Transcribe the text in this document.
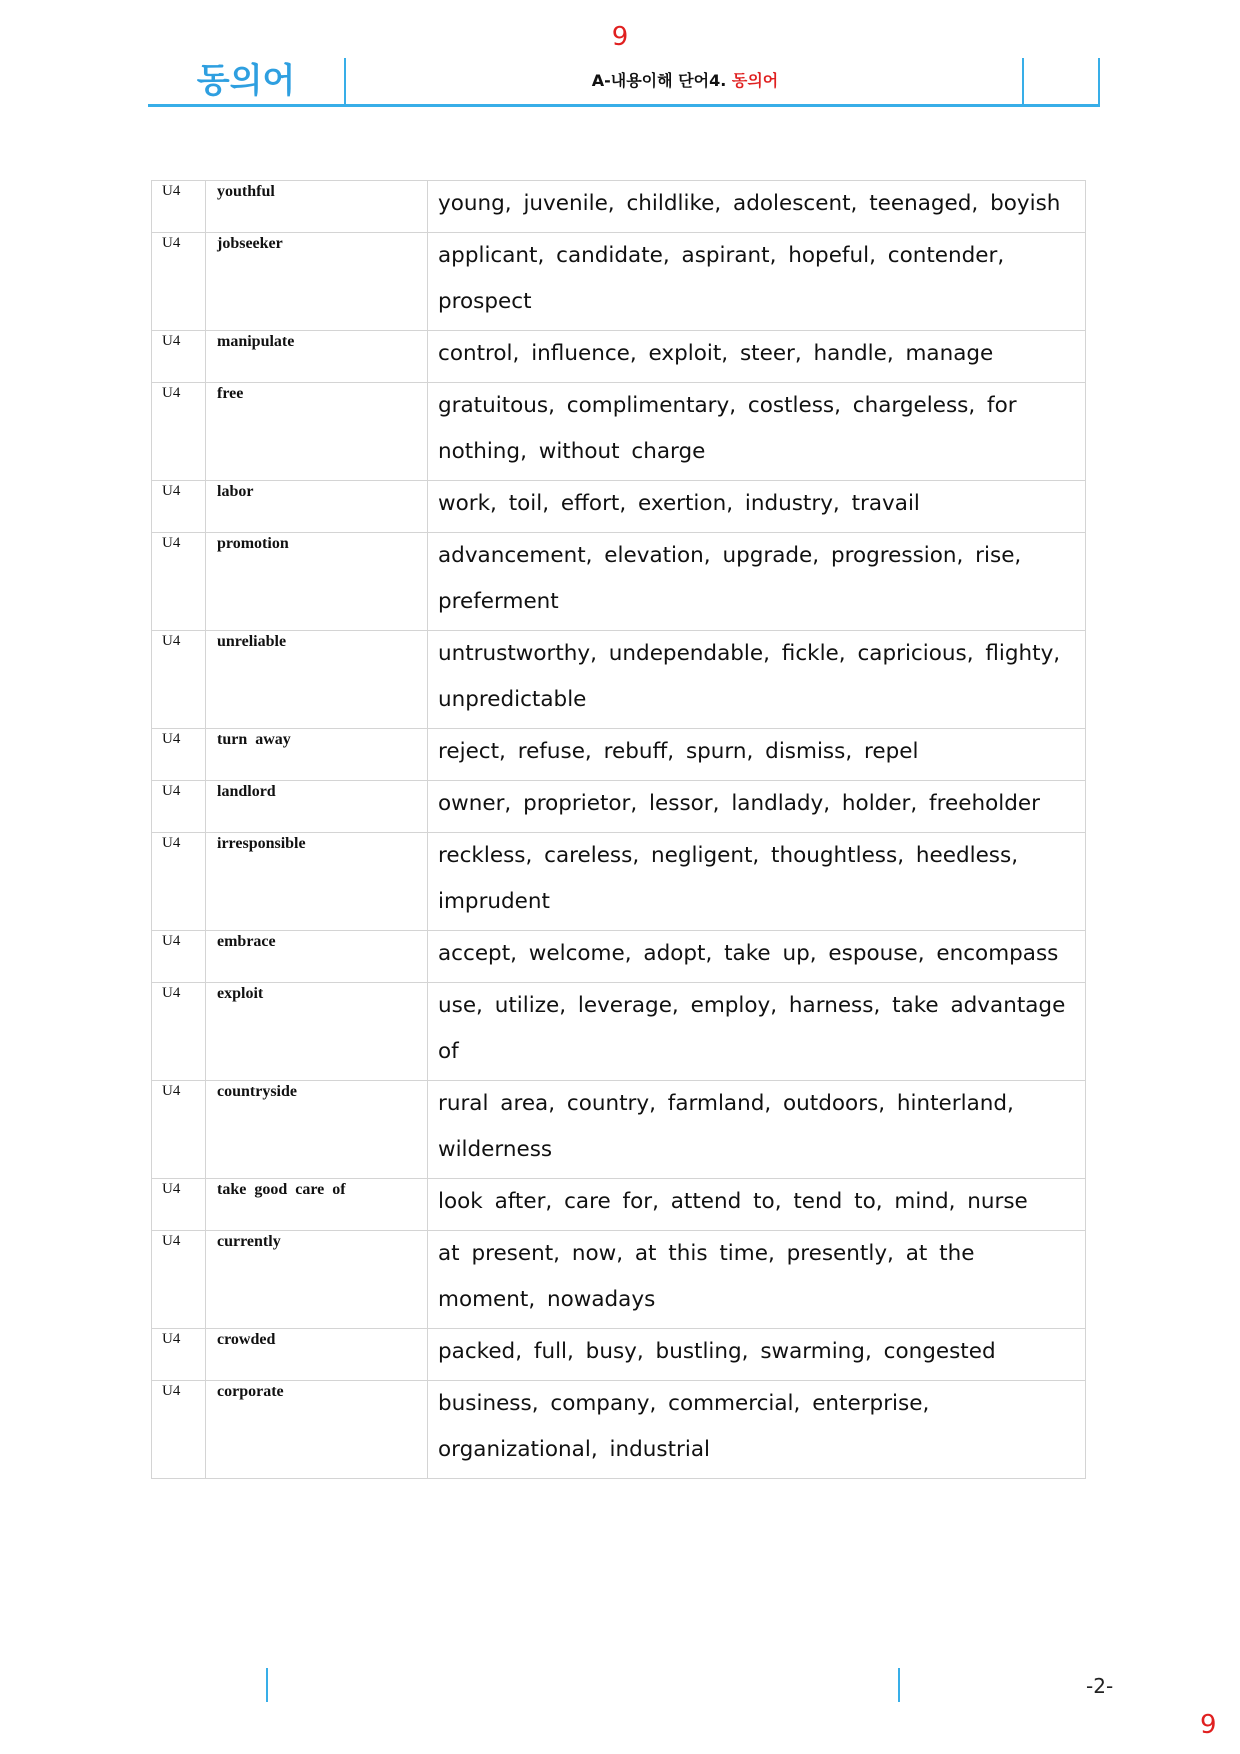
9
동의어	A-내용이해 단어4. 동의어
U4	youthful	young, juvenile, childlike, adolescent, teenaged, boyish
U4	jobseeker	applicant, candidate, aspirant, hopeful, contender, prospect
U4	manipulate	control, influence, exploit, steer, handle, manage
U4	free	gratuitous, complimentary, costless, chargeless, for nothing, without charge
U4	labor	work, toil, effort, exertion, industry, travail
U4	promotion	advancement, elevation, upgrade, progression, rise, preferment
U4	unreliable	untrustworthy, undependable, fickle, capricious, flighty, unpredictable
U4	turn away	reject, refuse, rebuff, spurn, dismiss, repel
U4	landlord	owner, proprietor, lessor, landlady, holder, freeholder
U4	irresponsible	reckless, careless, negligent, thoughtless, heedless, imprudent
U4	embrace	accept, welcome, adopt, take up, espouse, encompass
U4	exploit	use, utilize, leverage, employ, harness, take advantage of
U4	countryside	rural area, country, farmland, outdoors, hinterland, wilderness
U4	take good care of	look after, care for, attend to, tend to, mind, nurse
U4	currently	at present, now, at this time, presently, at the moment, nowadays
U4	crowded	packed, full, busy, bustling, swarming, congested
U4	corporate	business, company, commercial, enterprise, organizational, industrial
-2-
9
